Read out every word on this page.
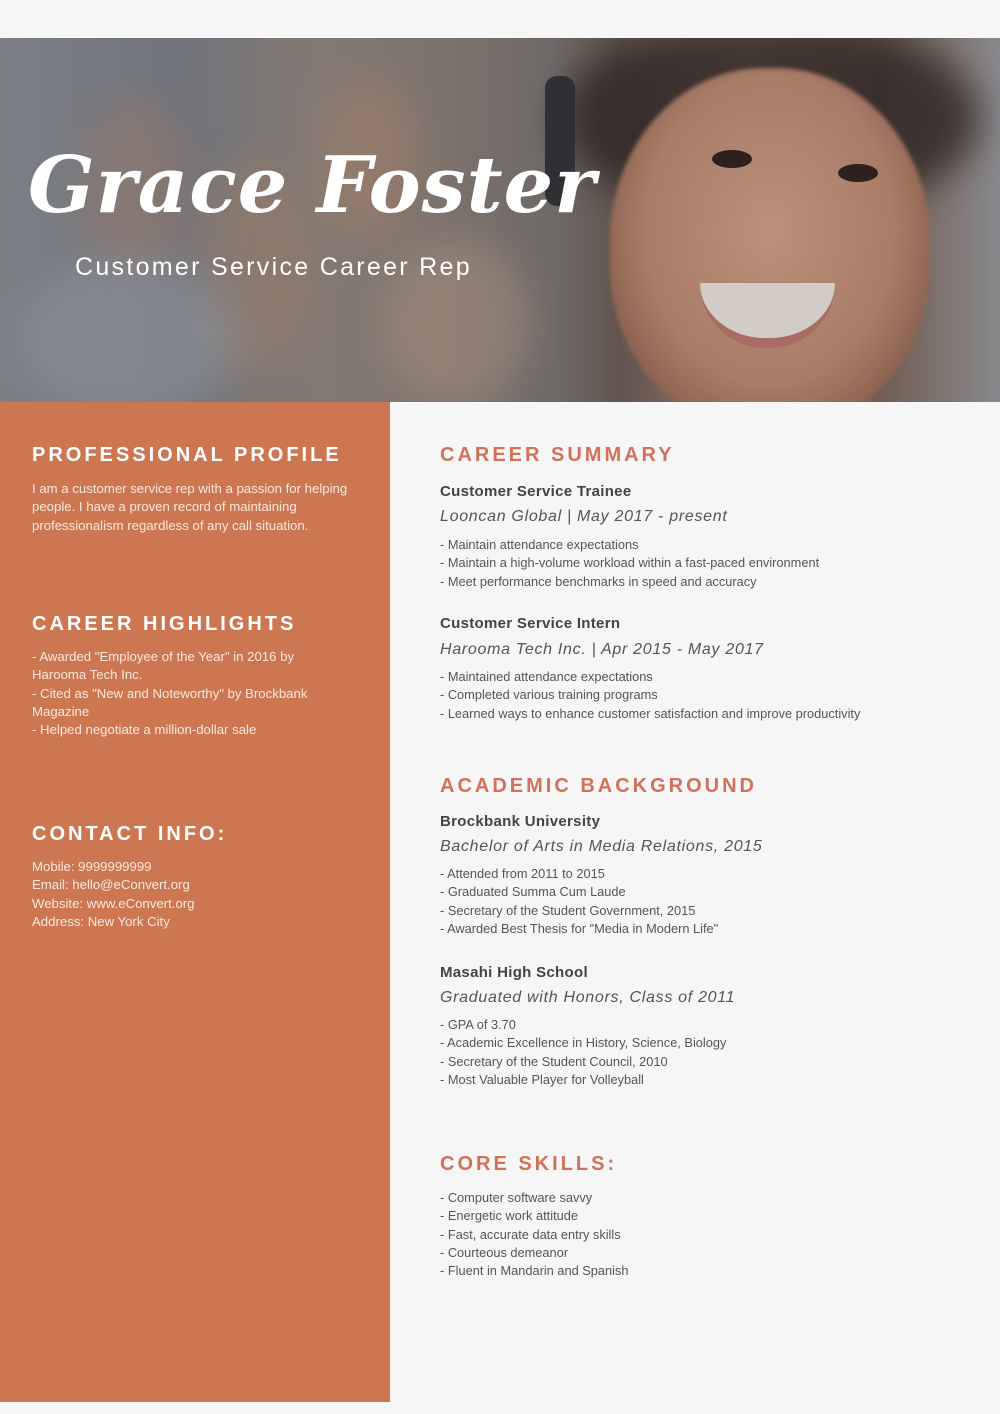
Grace Foster

Customer Service Career Rep

PROFESSIONAL PROFILE

I am a customer service rep with a passion for helping

people. I have a proven record of maintaining

professionalism regardless of any call situation.

CAREER HIGHLIGHTS

- Awarded "Employee of the Year" in 2016 by

Harooma Tech Inc.

- Cited as "New and Noteworthy" by Brockbank

Magazine

- Helped negotiate a million-dollar sale

CONTACT INFO:

Mobile: 9999999999

Email: hello@eConvert.org

Website: www.eConvert.org

Address: New York City

CAREER SUMMARY
Customer Service Trainee

Looncan Global | May 2017 - present

- Maintain attendance expectations
- Maintain a high-volume workload within a fast-paced environment
- Meet performance benchmarks in speed and accuracy
Customer Service Intern

Harooma Tech Inc. | Apr 2015 - May 2017

- Maintained attendance expectations
- Completed various training programs
- Learned ways to enhance customer satisfaction and improve productivity
ACADEMIC BACKGROUND
Brockbank University

Bachelor of Arts in Media Relations, 2015

- Attended from 2011 to 2015
- Graduated Summa Cum Laude
- Secretary of the Student Government, 2015
- Awarded Best Thesis for "Media in Modern Life"
Masahi High School

Graduated with Honors, Class of 2011

- GPA of 3.70
- Academic Excellence in History, Science, Biology
- Secretary of the Student Council, 2010
- Most Valuable Player for Volleyball
CORE SKILLS:
- Computer software savvy
- Energetic work attitude
- Fast, accurate data entry skills
- Courteous demeanor
- Fluent in Mandarin and Spanish
